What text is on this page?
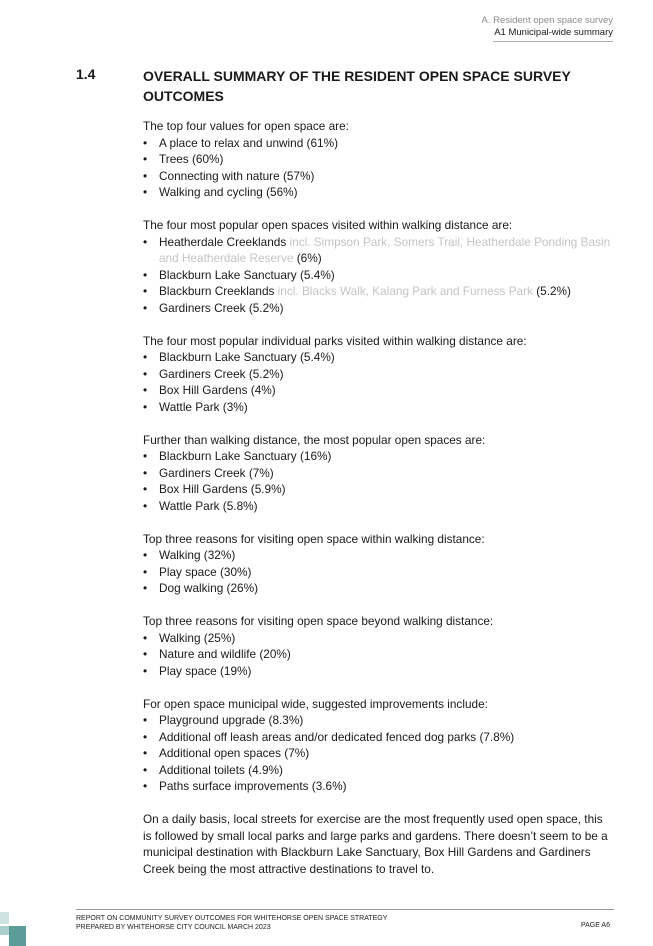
A. Resident open space survey
A1 Municipal-wide summary
1.4	OVERALL SUMMARY OF THE RESIDENT OPEN SPACE SURVEY OUTCOMES

The top four values for open space are:

• A place to relax and unwind (61%)
• Trees (60%)
• Connecting with nature (57%)
• Walking and cycling (56%)

The four most popular open spaces visited within walking distance are:

• Heatherdale Creeklands incl. Simpson Park, Somers Trail, Heatherdale Ponding Basin and Heatherdale Reserve (6%)
• Blackburn Lake Sanctuary (5.4%)
• Blackburn Creeklands incl. Blacks Walk, Kalang Park and Furness Park (5.2%)
• Gardiners Creek (5.2%)

The four most popular individual parks visited within walking distance are:

• Blackburn Lake Sanctuary (5.4%)
• Gardiners Creek (5.2%)
• Box Hill Gardens (4%)
• Wattle Park (3%)

Further than walking distance, the most popular open spaces are:

• Blackburn Lake Sanctuary (16%)
• Gardiners Creek (7%)
• Box Hill Gardens (5.9%)
• Wattle Park (5.8%)

Top three reasons for visiting open space within walking distance:

• Walking (32%)
• Play space (30%)
• Dog walking (26%)

Top three reasons for visiting open space beyond walking distance:

• Walking (25%)
• Nature and wildlife (20%)
• Play space (19%)

For open space municipal wide, suggested improvements include:

• Playground upgrade (8.3%)
• Additional off leash areas and/or dedicated fenced dog parks (7.8%)
• Additional open spaces (7%)
• Additional toilets (4.9%)
• Paths surface improvements (3.6%)

On a daily basis, local streets for exercise are the most frequently used open space, this is followed by small local parks and large parks and gardens. There doesn’t seem to be a municipal destination with Blackburn Lake Sanctuary, Box Hill Gardens and Gardiners Creek being the most attractive destinations to travel to.

REPORT ON COMMUNITY SURVEY OUTCOMES FOR WHITEHORSE OPEN SPACE STRATEGY
PREPARED BY WHITEHORSE CITY COUNCIL MARCH 2023	PAGE A6
